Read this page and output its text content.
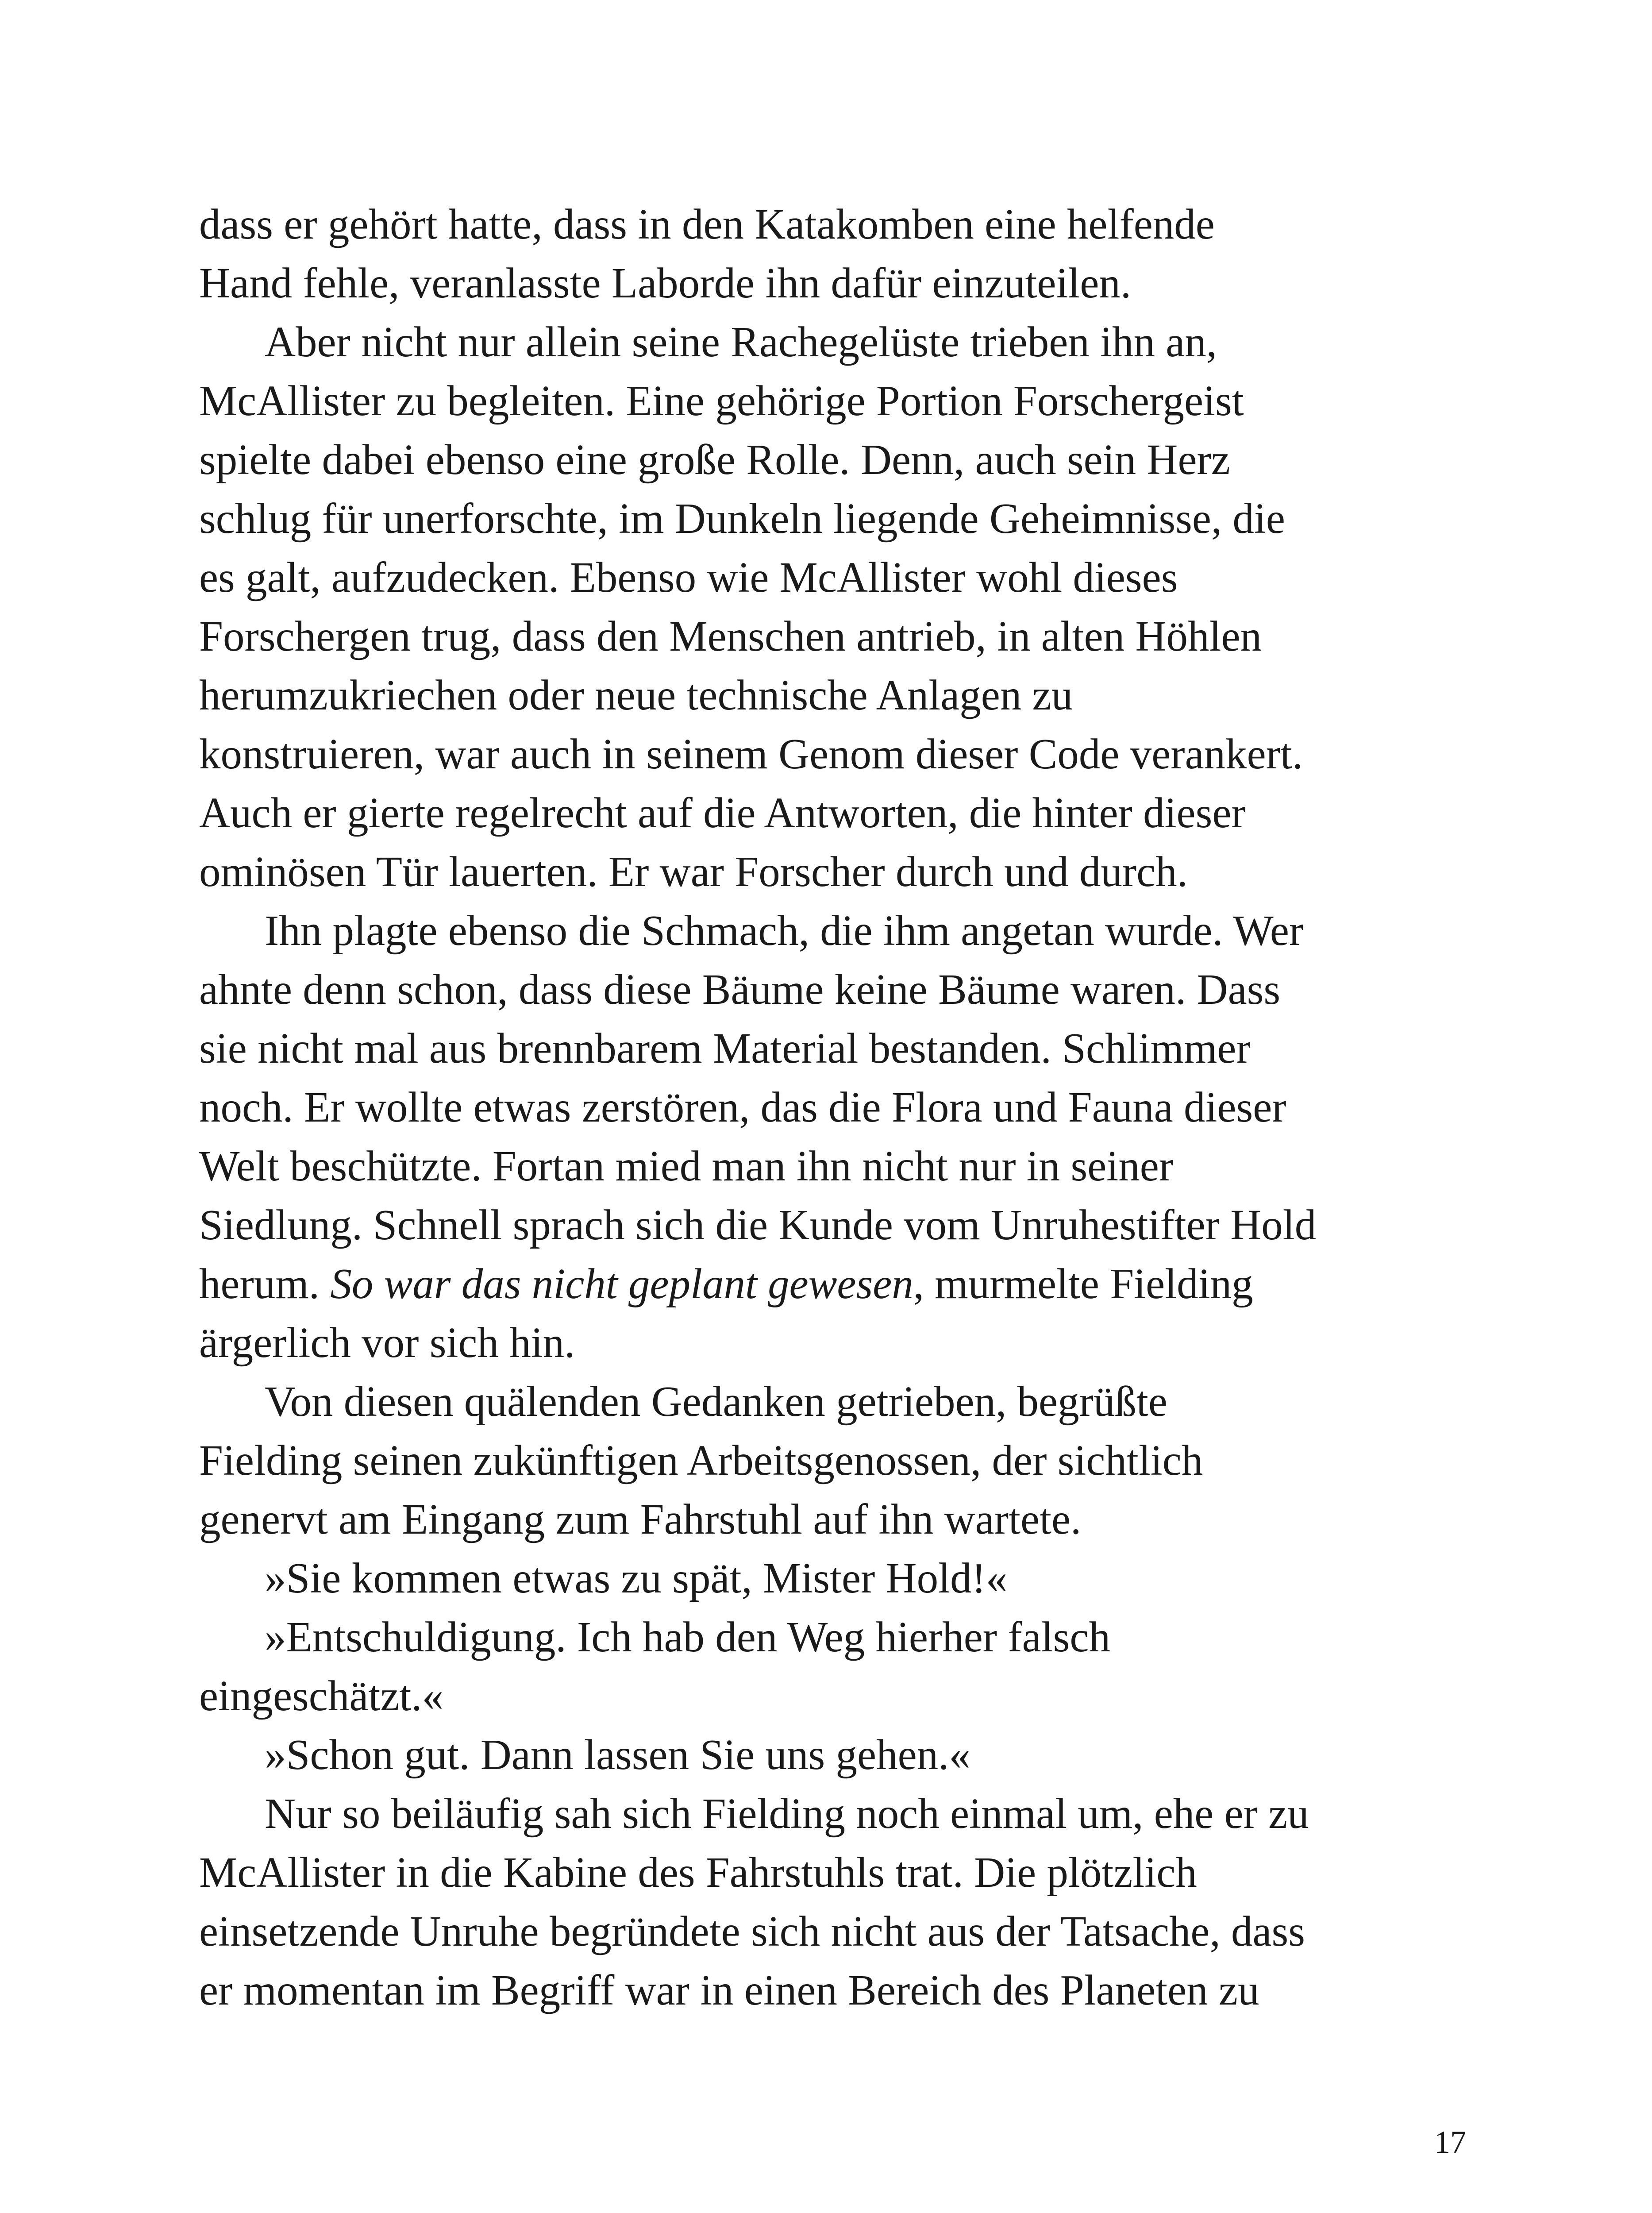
dass er gehört hatte, dass in den Katakomben eine helfende
Hand fehle, veranlasste Laborde ihn dafür einzuteilen.
Aber nicht nur allein seine Rachegelüste trieben ihn an,
McAllister zu begleiten. Eine gehörige Portion Forschergeist
spielte dabei ebenso eine große Rolle. Denn, auch sein Herz
schlug für unerforschte, im Dunkeln liegende Geheimnisse, die
es galt, aufzudecken. Ebenso wie McAllister wohl dieses
Forschergen trug, dass den Menschen antrieb, in alten Höhlen
herumzukriechen oder neue technische Anlagen zu
konstruieren, war auch in seinem Genom dieser Code verankert.
Auch er gierte regelrecht auf die Antworten, die hinter dieser
ominösen Tür lauerten. Er war Forscher durch und durch.
Ihn plagte ebenso die Schmach, die ihm angetan wurde. Wer
ahnte denn schon, dass diese Bäume keine Bäume waren. Dass
sie nicht mal aus brennbarem Material bestanden. Schlimmer
noch. Er wollte etwas zerstören, das die Flora und Fauna dieser
Welt beschützte. Fortan mied man ihn nicht nur in seiner
Siedlung. Schnell sprach sich die Kunde vom Unruhestifter Hold
herum. So war das nicht geplant gewesen, murmelte Fielding
ärgerlich vor sich hin.
Von diesen quälenden Gedanken getrieben, begrüßte
Fielding seinen zukünftigen Arbeitsgenossen, der sichtlich
genervt am Eingang zum Fahrstuhl auf ihn wartete.
»Sie kommen etwas zu spät, Mister Hold!«
»Entschuldigung. Ich hab den Weg hierher falsch
eingeschätzt.«
»Schon gut. Dann lassen Sie uns gehen.«
Nur so beiläufig sah sich Fielding noch einmal um, ehe er zu
McAllister in die Kabine des Fahrstuhls trat. Die plötzlich
einsetzende Unruhe begründete sich nicht aus der Tatsache, dass
er momentan im Begriff war in einen Bereich des Planeten zu
17
